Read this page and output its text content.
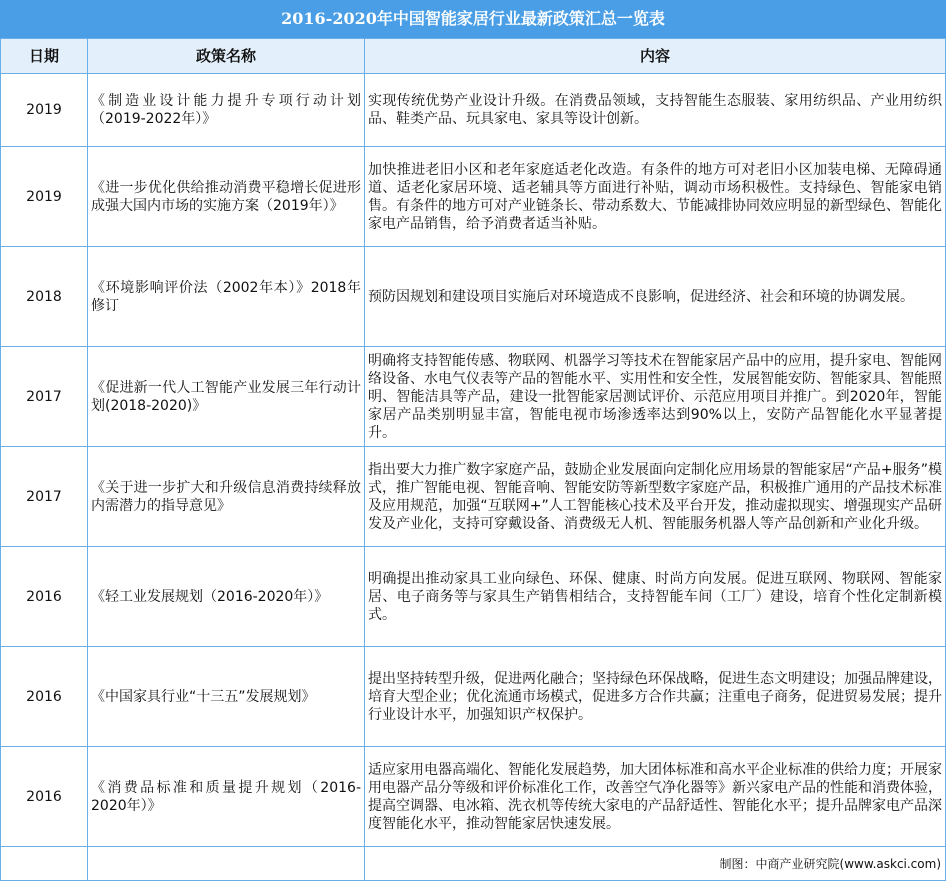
2016-2020年中国智能家居行业最新政策汇总一览表
日期	政策名称	内容
2019	《制造业设计能力提升专项行动计划（2019-2022年）》	实现传统优势产业设计升级。在消费品领域，支持智能生态服装、家用纺织品、产业用纺织品、鞋类产品、玩具家电、家具等设计创新。
2019	《进一步优化供给推动消费平稳增长促进形成强大国内市场的实施方案（2019年）》	加快推进老旧小区和老年家庭适老化改造。有条件的地方可对老旧小区加装电梯、无障碍通道、适老化家居环境、适老辅具等方面进行补贴，调动市场积极性。支持绿色、智能家电销售。有条件的地方可对产业链条长、带动系数大、节能减排协同效应明显的新型绿色、智能化家电产品销售，给予消费者适当补贴。
2018	《环境影响评价法（2002年本）》2018年修订	预防因规划和建设项目实施后对环境造成不良影响，促进经济、社会和环境的协调发展。
2017	《促进新一代人工智能产业发展三年行动计划(2018-2020)》	明确将支持智能传感、物联网、机器学习等技术在智能家居产品中的应用，提升家电、智能网络设备、水电气仪表等产品的智能水平、实用性和安全性，发展智能安防、智能家具、智能照明、智能洁具等产品，建设一批智能家居测试评价、示范应用项目并推广。到2020年，智能家居产品类别明显丰富，智能电视市场渗透率达到90%以上，安防产品智能化水平显著提升。
2017	《关于进一步扩大和升级信息消费持续释放内需潜力的指导意见》	指出要大力推广数字家庭产品，鼓励企业发展面向定制化应用场景的智能家居“产品+服务”模式，推广智能电视、智能音响、智能安防等新型数字家庭产品，积极推广通用的产品技术标准及应用规范，加强“互联网+”人工智能核心技术及平台开发，推动虚拟现实、增强现实产品研发及产业化，支持可穿戴设备、消费级无人机、智能服务机器人等产品创新和产业化升级。
2016	《轻工业发展规划（2016-2020年）》	明确提出推动家具工业向绿色、环保、健康、时尚方向发展。促进互联网、物联网、智能家居、电子商务等与家具生产销售相结合，支持智能车间（工厂）建设，培育个性化定制新模式。
2016	《中国家具行业“十三五”发展规划》	提出坚持转型升级，促进两化融合；坚持绿色环保战略，促进生态文明建设；加强品牌建设，培育大型企业；优化流通市场模式，促进多方合作共赢；注重电子商务，促进贸易发展；提升行业设计水平，加强知识产权保护。
2016	《消费品标准和质量提升规划（2016-2020年）》	适应家用电器高端化、智能化发展趋势，加大团体标准和高水平企业标准的供给力度；开展家用电器产品分等级和评价标准化工作，改善空气净化器等》新兴家电产品的性能和消费体验，提高空调器、电冰箱、洗衣机等传统大家电的产品舒适性、智能化水平；提升品牌家电产品深度智能化水平，推动智能家居快速发展。
		制图：中商产业研究院(www.askci.com)
